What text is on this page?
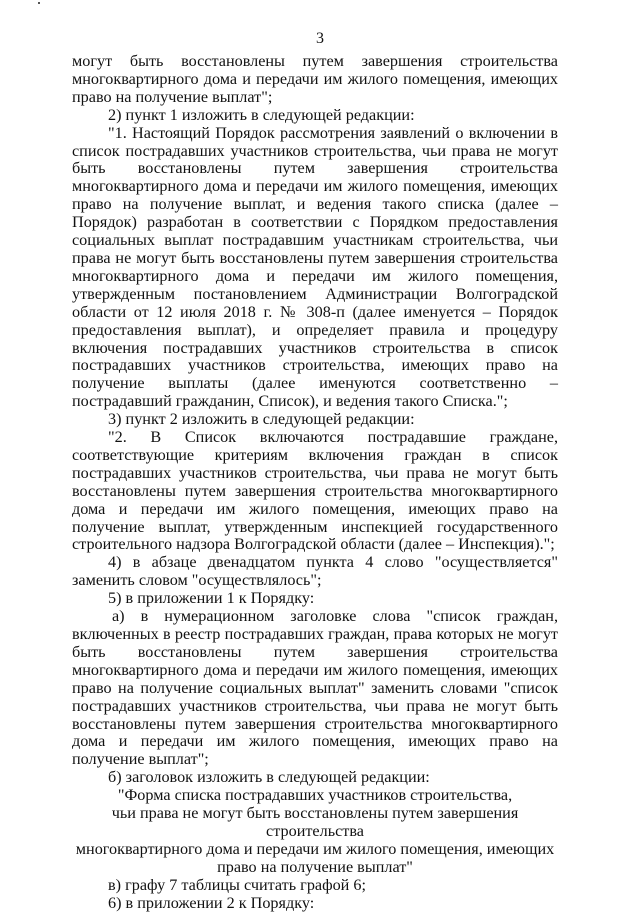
3

могут быть восстановлены путем завершения строительства многоквартирного дома и передачи им жилого помещения, имеющих право на получение выплат";

2) пункт 1 изложить в следующей редакции:

"1. Настоящий Порядок рассмотрения заявлений о включении в список пострадавших участников строительства, чьи права не могут быть восстановлены путем завершения строительства многоквартирного дома и передачи им жилого помещения, имеющих право на получение выплат, и ведения такого списка (далее – Порядок) разработан в соответствии с Порядком предоставления социальных выплат пострадавшим участникам строительства, чьи права не могут быть восстановлены путем завершения строительства многоквартирного дома и передачи им жилого помещения, утвержденным постановлением Администрации Волгоградской области от 12 июля 2018 г. № 308-п (далее именуется – Порядок предоставления выплат), и определяет правила и процедуру включения пострадавших участников строительства в список пострадавших участников строительства, имеющих право на получение выплаты (далее именуются соответственно – пострадавший гражданин, Список), и ведения такого Списка.";

3) пункт 2 изложить в следующей редакции:

"2. В Список включаются пострадавшие граждане, соответствующие критериям включения граждан в список пострадавших участников строительства, чьи права не могут быть восстановлены путем завершения строительства многоквартирного дома и передачи им жилого помещения, имеющих право на получение выплат, утвержденным инспекцией государственного строительного надзора Волгоградской области (далее – Инспекция).";

4) в абзаце двенадцатом пункта 4 слово "осуществляется" заменить словом "осуществлялось";

5) в приложении 1 к Порядку:

а) в нумерационном заголовке слова "список граждан, включенных в реестр пострадавших граждан, права которых не могут быть восстановлены путем завершения строительства многоквартирного дома и передачи им жилого помещения, имеющих право на получение социальных выплат" заменить словами "список пострадавших участников строительства, чьи права не могут быть восстановлены путем завершения строительства многоквартирного дома и передачи им жилого помещения, имеющих право на получение выплат";

б) заголовок изложить в следующей редакции:

"Форма списка пострадавших участников строительства,
чьи права не могут быть восстановлены путем завершения строительства
многоквартирного дома и передачи им жилого помещения, имеющих
право на получение выплат"

в) графу 7 таблицы считать графой 6;

6) в приложении 2 к Порядку:
